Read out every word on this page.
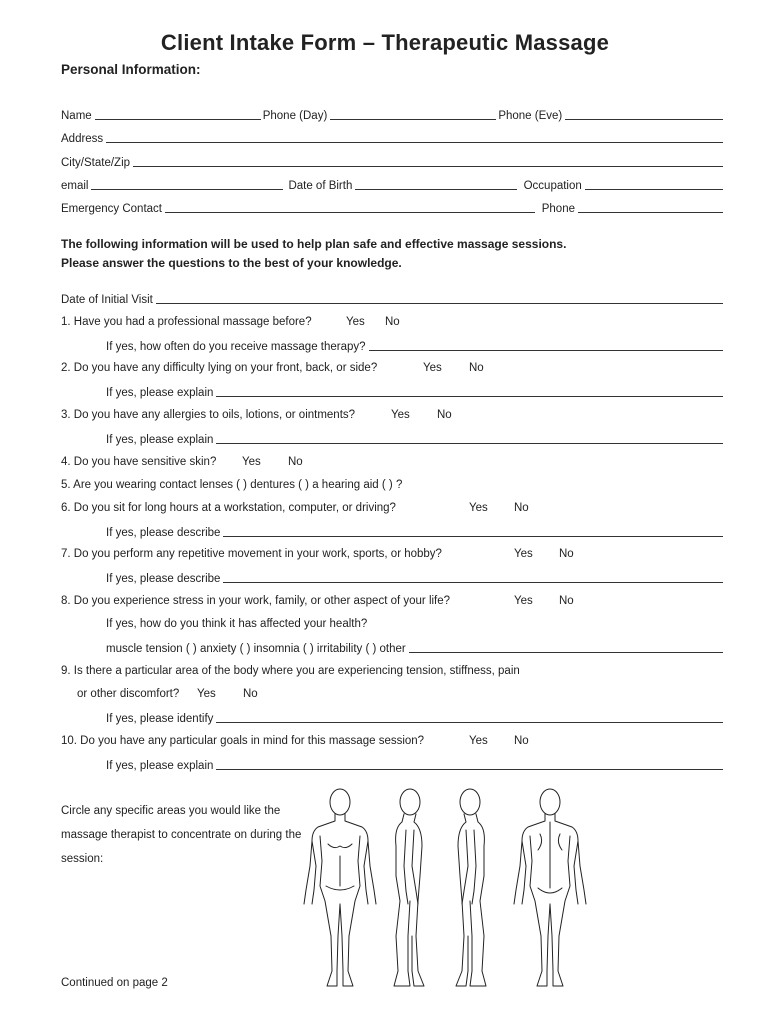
Client Intake Form – Therapeutic Massage
Personal Information:
Name	Phone (Day)	Phone (Eve)
Address
City/State/Zip
email	Date of Birth	Occupation
Emergency Contact	Phone
The following information will be used to help plan safe and effective massage sessions.
Please answer the questions to the best of your knowledge.
Date of Initial Visit
1. Have you had a professional massage before?	Yes No
If yes, how often do you receive massage therapy?
2. Do you have any difficulty lying on your front, back, or side?	Yes No
If yes, please explain
3. Do you have any allergies to oils, lotions, or ointments?	Yes No
If yes, please explain
4. Do you have sensitive skin? Yes No
5. Are you wearing contact lenses ( ) dentures ( ) a hearing aid ( ) ?
6. Do you sit for long hours at a workstation, computer, or driving?	Yes No
If yes, please describe
7. Do you perform any repetitive movement in your work, sports, or hobby?	Yes No
If yes, please describe
8. Do you experience stress in your work, family, or other aspect of your life?	Yes No
If yes, how do you think it has affected your health?
muscle tension ( ) anxiety ( ) insomnia ( ) irritability ( ) other
9. Is there a particular area of the body where you are experiencing tension, stiffness, pain
or other discomfort? Yes No
If yes, please identify
10. Do you have any particular goals in mind for this massage session?	Yes No
If yes, please explain
Circle any specific areas you would like the massage therapist to concentrate on during the session:
Continued on page 2
